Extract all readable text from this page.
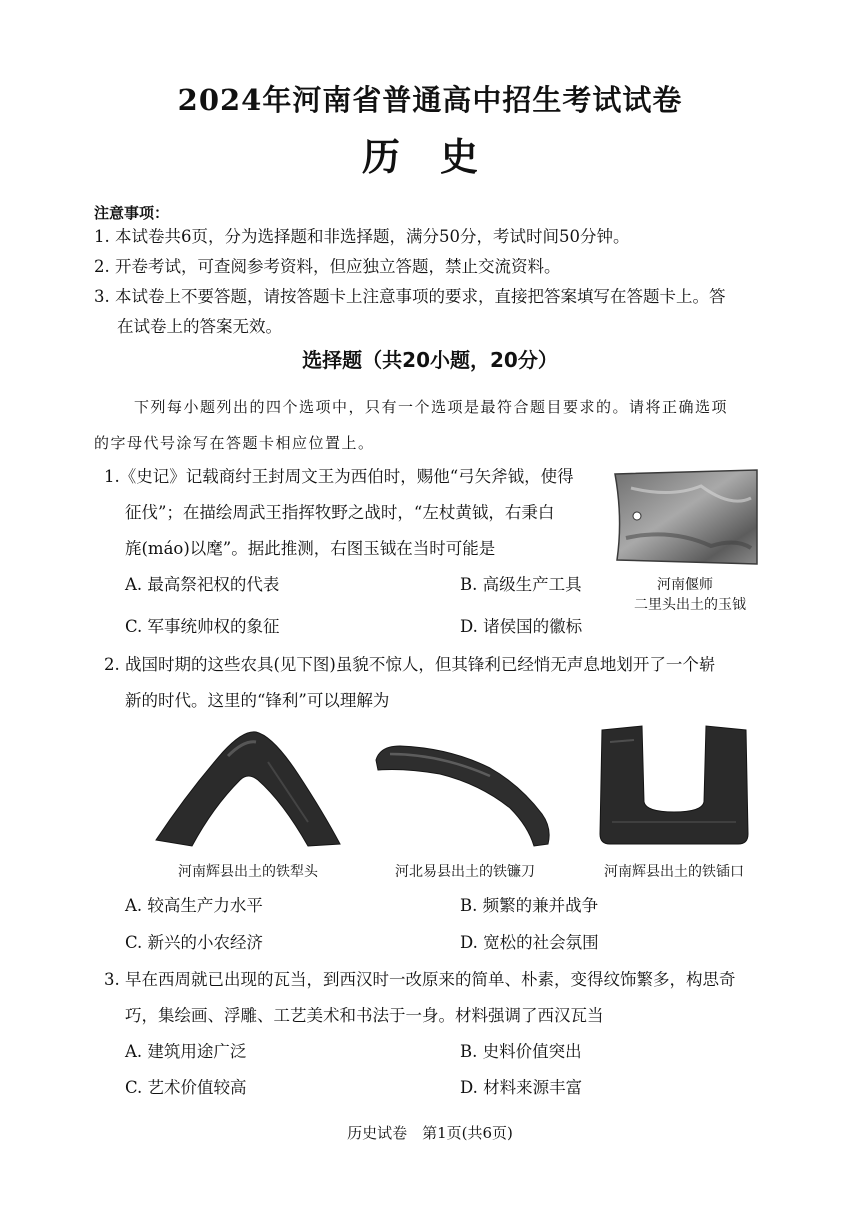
2024年河南省普通高中招生考试试卷
历史
注意事项：
1. 本试卷共6页，分为选择题和非选择题，满分50分，考试时间50分钟。
2. 开卷考试，可查阅参考资料，但应独立答题，禁止交流资料。
3. 本试卷上不要答题，请按答题卡上注意事项的要求，直接把答案填写在答题卡上。答
在试卷上的答案无效。
选择题（共20小题，20分）
下列每小题列出的四个选项中，只有一个选项是最符合题目要求的。请将正确选项
的字母代号涂写在答题卡相应位置上。
1.《史记》记载商纣王封周文王为西伯时，赐他“弓矢斧钺，使得
征伐”；在描绘周武王指挥牧野之战时，“左杖黄钺，右秉白
旄(máo)以麾”。据此推测，右图玉钺在当时可能是
河南偃师
二里头出土的玉钺
A. 最高祭祀权的代表	B. 高级生产工具
C. 军事统帅权的象征	D. 诸侯国的徽标
2. 战国时期的这些农具(见下图)虽貌不惊人，但其锋利已经悄无声息地划开了一个崭
新的时代。这里的“锋利”可以理解为
河南辉县出土的铁犁头	河北易县出土的铁镰刀	河南辉县出土的铁锸口
A. 较高生产力水平	B. 频繁的兼并战争
C. 新兴的小农经济	D. 宽松的社会氛围
3. 早在西周就已出现的瓦当，到西汉时一改原来的简单、朴素，变得纹饰繁多，构思奇
巧，集绘画、浮雕、工艺美术和书法于一身。材料强调了西汉瓦当
A. 建筑用途广泛	B. 史料价值突出
C. 艺术价值较高	D. 材料来源丰富
历史试卷　第1页(共6页)
